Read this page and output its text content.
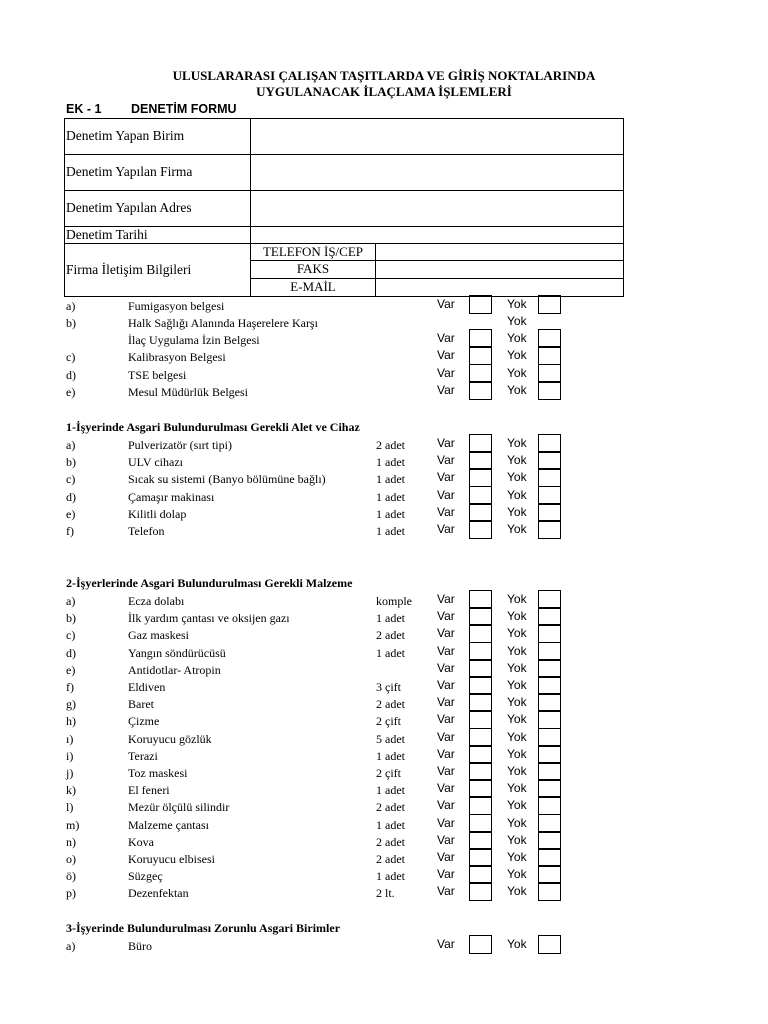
ULUSLARARASI ÇALIŞAN TAŞITLARDA VE GİRİŞ NOKTALARINDA
UYGULANACAK İLAÇLAMA İŞLEMLERİ
EK - 1 DENETİM FORMU
Denetim Yapan Birim
Denetim Yapılan Firma
Denetim Yapılan Adres
Denetim Tarihi
Firma İletişim Bilgileri
TELEFON İŞ/CEP
FAKS
E-MAİL
a)	Fumigasyon belgesi	Var	Yok
b)	Halk Sağlığı Alanında Haşerelere Karşı	Yok
İlaç Uygulama İzin Belgesi	Var	Yok
c)	Kalibrasyon Belgesi	Var	Yok
d)	TSE belgesi	Var	Yok
e)	Mesul Müdürlük Belgesi	Var	Yok
1-İşyerinde Asgari Bulundurulması Gerekli Alet ve Cihaz
a)	Pulverizatör (sırt tipi)	2 adet	Var	Yok
b)	ULV cihazı	1 adet	Var	Yok
c)	Sıcak su sistemi (Banyo bölümüne bağlı)	1 adet	Var	Yok
d)	Çamaşır makinası	1 adet	Var	Yok
e)	Kilitli dolap	1 adet	Var	Yok
f)	Telefon	1 adet	Var	Yok
2-İşyerlerinde Asgari Bulundurulması Gerekli Malzeme
a)	Ecza dolabı	komple Var	Yok
b)	İlk yardım çantası ve oksijen gazı	1 adet	Var	Yok
c)	Gaz maskesi	2 adet	Var	Yok
d)	Yangın söndürücüsü	1 adet	Var	Yok
e)	Antidotlar- Atropin	Var	Yok
f)	Eldiven	3 çift	Var	Yok
g)	Baret	2 adet	Var	Yok
h)	Çizme	2 çift	Var	Yok
ı)	Koruyucu gözlük	5 adet	Var	Yok
i)	Terazi	1 adet	Var	Yok
j)	Toz maskesi	2 çift	Var	Yok
k)	El feneri	1 adet	Var	Yok
l)	Mezür ölçülü silindir	2 adet	Var	Yok
m)	Malzeme çantası	1 adet	Var	Yok
n)	Kova	2 adet	Var	Yok
o)	Koruyucu elbisesi	2 adet	Var	Yok
ö)	Süzgeç	1 adet	Var	Yok
p)	Dezenfektan	2 lt.	Var	Yok
3-İşyerinde Bulundurulması Zorunlu Asgari Birimler
a)	Büro	Var	Yok
